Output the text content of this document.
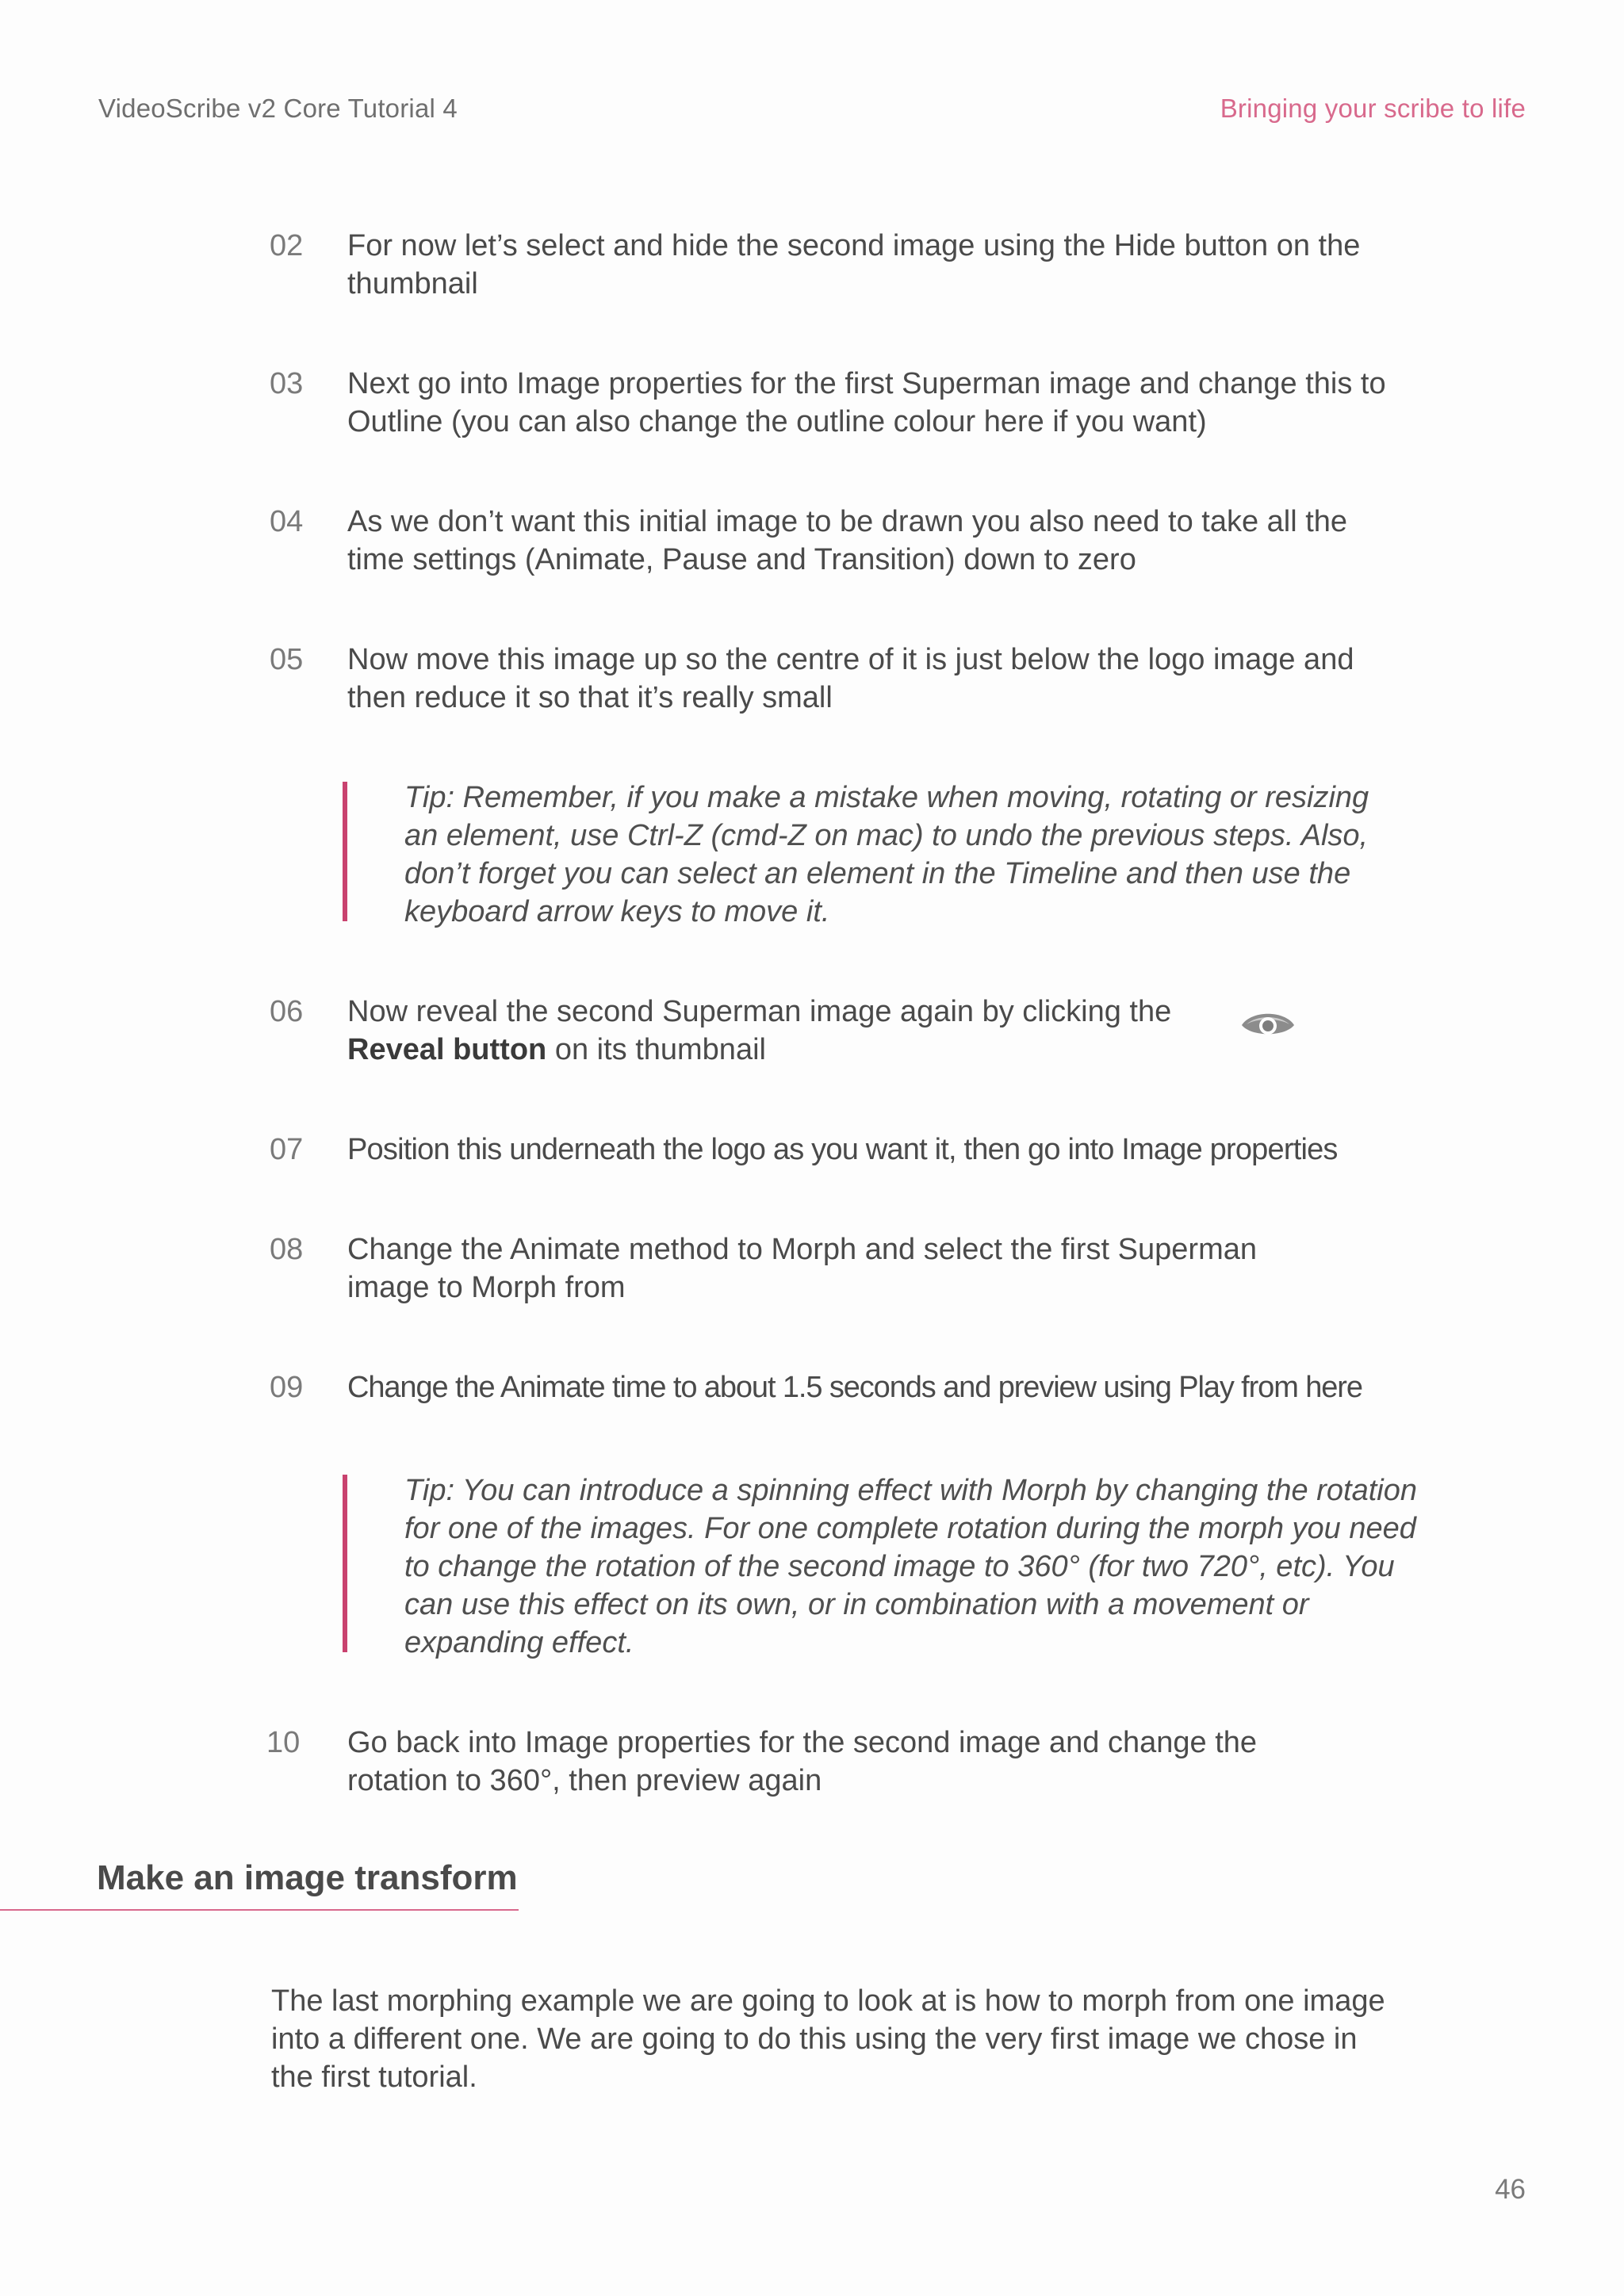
VideoScribe v2 Core Tutorial 4	Bringing your scribe to life
02	For now let’s select and hide the second image using the Hide button on the thumbnail
03	Next go into Image properties for the first Superman image and change this to Outline (you can also change the outline colour here if you want)
04	As we don’t want this initial image to be drawn you also need to take all the time settings (Animate, Pause and Transition) down to zero
05	Now move this image up so the centre of it is just below the logo image and then reduce it so that it’s really small
Tip: Remember, if you make a mistake when moving, rotating or resizing an element, use Ctrl-Z (cmd-Z on mac) to undo the previous steps. Also, don’t forget you can select an element in the Timeline and then use the keyboard arrow keys to move it.
06	Now reveal the second Superman image again by clicking the Reveal button on its thumbnail
07	Position this underneath the logo as you want it, then go into Image properties
08	Change the Animate method to Morph and select the first Superman image to Morph from
09	Change the Animate time to about 1.5 seconds and preview using Play from here
Tip: You can introduce a spinning effect with Morph by changing the rotation for one of the images. For one complete rotation during the morph you need to change the rotation of the second image to 360° (for two 720°, etc). You can use this effect on its own, or in combination with a movement or expanding effect.
10	Go back into Image properties for the second image and change the rotation to 360°, then preview again
Make an image transform
The last morphing example we are going to look at is how to morph from one image into a different one. We are going to do this using the very first image we chose in the first tutorial.
46
